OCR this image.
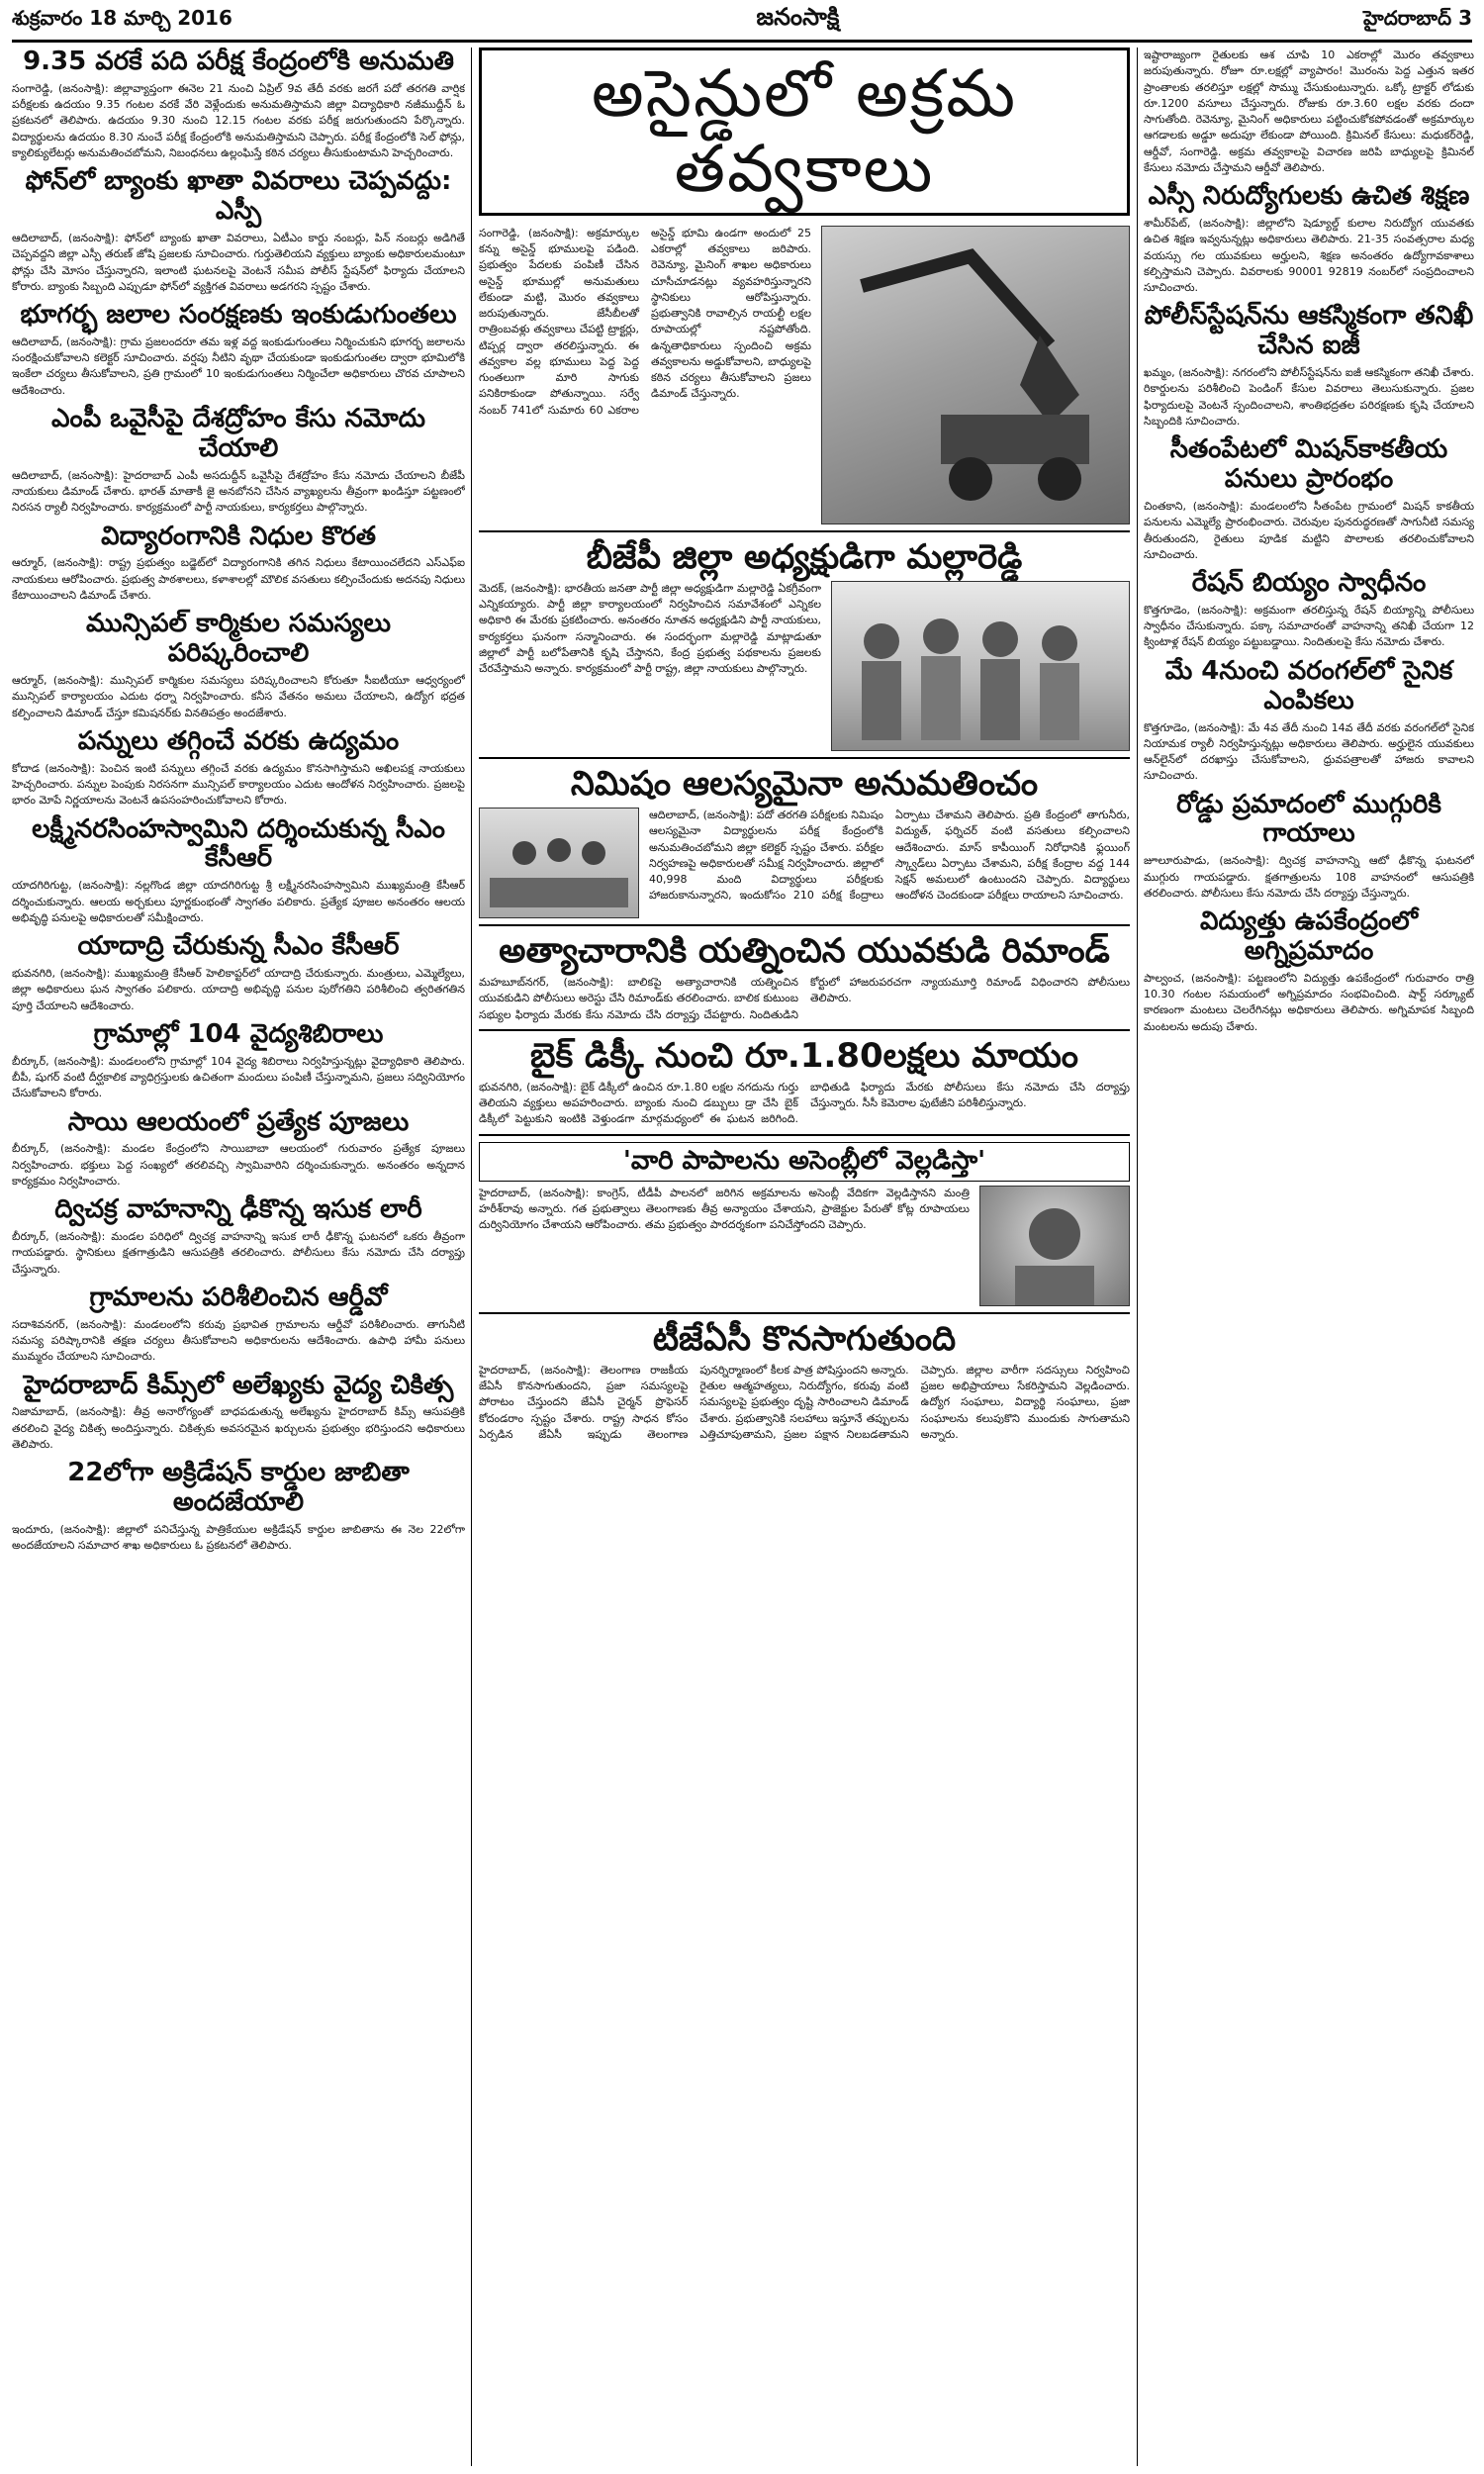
శుక్రవారం 18 మార్చి 2016	జనంసాక్షి	హైదరాబాద్ 3
9.35 వరకే పది పరీక్ష కేంద్రంలోకి అనుమతి

సంగారెడ్డి, (జనంసాక్షి): జిల్లావ్యాప్తంగా ఈనెల 21 నుంచి ఏప్రిల్ 9వ తేదీ వరకు జరగే పదో తరగతి వార్షిక పరీక్షలకు ఉదయం 9.35 గంటల వరకే వేరి వెళ్లేందుకు అనుమతిస్తామని జిల్లా విద్యాధికారి నజీముద్దీన్ ఓ ప్రకటనలో తెలిపారు. ఉదయం 9.30 నుంచి 12.15 గంటల వరకు పరీక్ష జరుగుతుందని పేర్కొన్నారు. విద్యార్థులను ఉదయం 8.30 నుంచే పరీక్ష కేంద్రంలోకి అనుమతిస్తామని చెప్పారు. పరీక్ష కేంద్రంలోకి సెల్ ఫోన్లు, క్యాలిక్యులేటర్లు అనుమతించబోమని, నిబంధనలు ఉల్లంఘిస్తే కఠిన చర్యలు తీసుకుంటామని హెచ్చరించారు.

ఫోన్‌లో బ్యాంకు ఖాతా వివరాలు చెప్పవద్దు: ఎస్పీ

ఆదిలాబాద్, (జనంసాక్షి): ఫోన్‌లో బ్యాంకు ఖాతా వివరాలు, ఏటీఎం కార్డు నంబర్లు, పిన్ నంబర్లు అడిగితే చెప్పవద్దని జిల్లా ఎస్పీ తరుణ్ జోషి ప్రజలకు సూచించారు. గుర్తుతెలియని వ్యక్తులు బ్యాంకు అధికారులమంటూ ఫోన్లు చేసి మోసం చేస్తున్నారని, ఇలాంటి ఘటనలపై వెంటనే సమీప పోలీస్ స్టేషన్‌లో ఫిర్యాదు చేయాలని కోరారు. బ్యాంకు సిబ్బంది ఎప్పుడూ ఫోన్‌లో వ్యక్తిగత వివరాలు అడగరని స్పష్టం చేశారు.

భూగర్భ జలాల సంరక్షణకు ఇంకుడుగుంతలు

ఆదిలాబాద్, (జనంసాక్షి): గ్రామ ప్రజలందరూ తమ ఇళ్ల వద్ద ఇంకుడుగుంతలు నిర్మించుకుని భూగర్భ జలాలను సంరక్షించుకోవాలని కలెక్టర్ సూచించారు. వర్షపు నీటిని వృథా చేయకుండా ఇంకుడుగుంతల ద్వారా భూమిలోకి ఇంకేలా చర్యలు తీసుకోవాలని, ప్రతి గ్రామంలో 10 ఇంకుడుగుంతలు నిర్మించేలా అధికారులు చొరవ చూపాలని ఆదేశించారు.

ఎంపీ ఒవైసీపై దేశద్రోహం కేసు నమోదు చేయాలి

ఆదిలాబాద్, (జనంసాక్షి): హైదరాబాద్ ఎంపీ అసదుద్దీన్ ఒవైసీపై దేశద్రోహం కేసు నమోదు చేయాలని బీజేపీ నాయకులు డిమాండ్ చేశారు. భారత్ మాతాకీ జై అనబోనని చేసిన వ్యాఖ్యలను తీవ్రంగా ఖండిస్తూ పట్టణంలో నిరసన ర్యాలీ నిర్వహించారు. కార్యక్రమంలో పార్టీ నాయకులు, కార్యకర్తలు పాల్గొన్నారు.

విద్యారంగానికి నిధుల కొరత

ఆర్మూర్, (జనంసాక్షి): రాష్ట్ర ప్రభుత్వం బడ్జెట్‌లో విద్యారంగానికి తగిన నిధులు కేటాయించలేదని ఎస్ఎఫ్ఐ నాయకులు ఆరోపించారు. ప్రభుత్వ పాఠశాలలు, కళాశాలల్లో మౌలిక వసతులు కల్పించేందుకు అదనపు నిధులు కేటాయించాలని డిమాండ్ చేశారు.

మున్సిపల్ కార్మికుల సమస్యలు పరిష్కరించాలి

ఆర్మూర్, (జనంసాక్షి): మున్సిపల్ కార్మికుల సమస్యలు పరిష్కరించాలని కోరుతూ సీఐటీయూ ఆధ్వర్యంలో మున్సిపల్ కార్యాలయం ఎదుట ధర్నా నిర్వహించారు. కనీస వేతనం అమలు చేయాలని, ఉద్యోగ భద్రత కల్పించాలని డిమాండ్ చేస్తూ కమిషనర్‌కు వినతిపత్రం అందజేశారు.

పన్నులు తగ్గించే వరకు ఉద్యమం

కోదాడ (జనంసాక్షి): పెంచిన ఇంటి పన్నులు తగ్గించే వరకు ఉద్యమం కొనసాగిస్తామని అఖిలపక్ష నాయకులు హెచ్చరించారు. పన్నుల పెంపుకు నిరసనగా మున్సిపల్ కార్యాలయం ఎదుట ఆందోళన నిర్వహించారు. ప్రజలపై భారం మోపే నిర్ణయాలను వెంటనే ఉపసంహరించుకోవాలని కోరారు.

లక్ష్మీనరసింహస్వామిని దర్శించుకున్న సీఎం కేసీఆర్

యాదగిరిగుట్ట, (జనంసాక్షి): నల్లగొండ జిల్లా యాదగిరిగుట్ట శ్రీ లక్ష్మీనరసింహస్వామిని ముఖ్యమంత్రి కేసీఆర్ దర్శించుకున్నారు. ఆలయ అర్చకులు పూర్ణకుంభంతో స్వాగతం పలికారు. ప్రత్యేక పూజల అనంతరం ఆలయ అభివృద్ధి పనులపై అధికారులతో సమీక్షించారు.

యాదాద్రి చేరుకున్న సీఎం కేసీఆర్

భువనగిరి, (జనంసాక్షి): ముఖ్యమంత్రి కేసీఆర్ హెలికాప్టర్‌లో యాదాద్రి చేరుకున్నారు. మంత్రులు, ఎమ్మెల్యేలు, జిల్లా అధికారులు ఘన స్వాగతం పలికారు. యాదాద్రి అభివృద్ధి పనుల పురోగతిని పరిశీలించి త్వరితగతిన పూర్తి చేయాలని ఆదేశించారు.

గ్రామాల్లో 104 వైద్యశిబిరాలు

బీర్కూర్, (జనంసాక్షి): మండలంలోని గ్రామాల్లో 104 వైద్య శిబిరాలు నిర్వహిస్తున్నట్లు వైద్యాధికారి తెలిపారు. బీపీ, షుగర్ వంటి దీర్ఘకాలిక వ్యాధిగ్రస్తులకు ఉచితంగా మందులు పంపిణీ చేస్తున్నామని, ప్రజలు సద్వినియోగం చేసుకోవాలని కోరారు.

సాయి ఆలయంలో ప్రత్యేక పూజలు

బీర్కూర్, (జనంసాక్షి): మండల కేంద్రంలోని సాయిబాబా ఆలయంలో గురువారం ప్రత్యేక పూజలు నిర్వహించారు. భక్తులు పెద్ద సంఖ్యలో తరలివచ్చి స్వామివారిని దర్శించుకున్నారు. అనంతరం అన్నదాన కార్యక్రమం నిర్వహించారు.

ద్విచక్ర వాహనాన్ని ఢీకొన్న ఇసుక లారీ

బీర్కూర్, (జనంసాక్షి): మండల పరిధిలో ద్విచక్ర వాహనాన్ని ఇసుక లారీ ఢీకొన్న ఘటనలో ఒకరు తీవ్రంగా గాయపడ్డారు. స్థానికులు క్షతగాత్రుడిని ఆసుపత్రికి తరలించారు. పోలీసులు కేసు నమోదు చేసి దర్యాప్తు చేస్తున్నారు.

గ్రామాలను పరిశీలించిన ఆర్డీవో

సదాశివనగర్, (జనంసాక్షి): మండలంలోని కరువు ప్రభావిత గ్రామాలను ఆర్డీవో పరిశీలించారు. తాగునీటి సమస్య పరిష్కారానికి తక్షణ చర్యలు తీసుకోవాలని అధికారులను ఆదేశించారు. ఉపాధి హామీ పనులు ముమ్మరం చేయాలని సూచించారు.

హైదరాబాద్ కిమ్స్‌లో అలేఖ్యకు వైద్య చికిత్స

నిజామాబాద్, (జనంసాక్షి): తీవ్ర అనారోగ్యంతో బాధపడుతున్న అలేఖ్యను హైదరాబాద్ కిమ్స్ ఆసుపత్రికి తరలించి వైద్య చికిత్స అందిస్తున్నారు. చికిత్సకు అవసరమైన ఖర్చులను ప్రభుత్వం భరిస్తుందని అధికారులు తెలిపారు.

22లోగా అక్రిడేషన్ కార్డుల జాబితా అందజేయాలి

ఇందూరు, (జనంసాక్షి): జిల్లాలో పనిచేస్తున్న పాత్రికేయుల అక్రిడేషన్ కార్డుల జాబితాను ఈ నెల 22లోగా అందజేయాలని సమాచార శాఖ అధికారులు ఓ ప్రకటనలో తెలిపారు.

అసైన్డులో అక్రమ తవ్వకాలు

సంగారెడ్డి, (జనంసాక్షి): అక్రమార్కుల కన్ను అసైన్డ్ భూములపై పడింది. ప్రభుత్వం పేదలకు పంపిణీ చేసిన అసైన్డ్ భూముల్లో అనుమతులు లేకుండా మట్టి, మొరం తవ్వకాలు జరుపుతున్నారు. జేసీబీలతో రాత్రింబవళ్లు తవ్వకాలు చేపట్టి ట్రాక్టర్లు, టిప్పర్ల ద్వారా తరలిస్తున్నారు. ఈ తవ్వకాల వల్ల భూములు పెద్ద పెద్ద గుంతలుగా మారి సాగుకు పనికిరాకుండా పోతున్నాయి. సర్వే నంబర్ 741లో సుమారు 60 ఎకరాల అసైన్డ్ భూమి ఉండగా అందులో 25 ఎకరాల్లో తవ్వకాలు జరిపారు. రెవెన్యూ, మైనింగ్ శాఖల అధికారులు చూసీచూడనట్లు వ్యవహరిస్తున్నారని స్థానికులు ఆరోపిస్తున్నారు. ప్రభుత్వానికి రావాల్సిన రాయల్టీ లక్షల రూపాయల్లో నష్టపోతోంది. ఉన్నతాధికారులు స్పందించి అక్రమ తవ్వకాలను అడ్డుకోవాలని, బాధ్యులపై కఠిన చర్యలు తీసుకోవాలని ప్రజలు డిమాండ్ చేస్తున్నారు.

బీజేపీ జిల్లా అధ్యక్షుడిగా మల్లారెడ్డి

మెదక్, (జనంసాక్షి): భారతీయ జనతా పార్టీ జిల్లా అధ్యక్షుడిగా మల్లారెడ్డి ఏకగ్రీవంగా ఎన్నికయ్యారు. పార్టీ జిల్లా కార్యాలయంలో నిర్వహించిన సమావేశంలో ఎన్నికల అధికారి ఈ మేరకు ప్రకటించారు. అనంతరం నూతన అధ్యక్షుడిని పార్టీ నాయకులు, కార్యకర్తలు ఘనంగా సన్మానించారు. ఈ సందర్భంగా మల్లారెడ్డి మాట్లాడుతూ జిల్లాలో పార్టీ బలోపేతానికి కృషి చేస్తానని, కేంద్ర ప్రభుత్వ పథకాలను ప్రజలకు చేరవేస్తామని అన్నారు. కార్యక్రమంలో పార్టీ రాష్ట్ర, జిల్లా నాయకులు పాల్గొన్నారు.

నిమిషం ఆలస్యమైనా అనుమతించం

ఆదిలాబాద్, (జనంసాక్షి): పదో తరగతి పరీక్షలకు నిమిషం ఆలస్యమైనా విద్యార్థులను పరీక్ష కేంద్రంలోకి అనుమతించబోమని జిల్లా కలెక్టర్ స్పష్టం చేశారు. పరీక్షల నిర్వహణపై అధికారులతో సమీక్ష నిర్వహించారు. జిల్లాలో 40,998 మంది విద్యార్థులు పరీక్షలకు హాజరుకానున్నారని, ఇందుకోసం 210 పరీక్ష కేంద్రాలు ఏర్పాటు చేశామని తెలిపారు. ప్రతి కేంద్రంలో తాగునీరు, విద్యుత్, ఫర్నిచర్ వంటి వసతులు కల్పించాలని ఆదేశించారు. మాస్ కాపీయింగ్ నిరోధానికి ఫ్లయింగ్ స్క్వాడ్‌లు ఏర్పాటు చేశామని, పరీక్ష కేంద్రాల వద్ద 144 సెక్షన్ అమలులో ఉంటుందని చెప్పారు. విద్యార్థులు ఆందోళన చెందకుండా పరీక్షలు రాయాలని సూచించారు.

అత్యాచారానికి యత్నించిన యువకుడి రిమాండ్

మహబూబ్‌నగర్, (జనంసాక్షి): బాలికపై అత్యాచారానికి యత్నించిన యువకుడిని పోలీసులు అరెస్టు చేసి రిమాండ్‌కు తరలించారు. బాలిక కుటుంబ సభ్యుల ఫిర్యాదు మేరకు కేసు నమోదు చేసి దర్యాప్తు చేపట్టారు. నిందితుడిని కోర్టులో హాజరుపరచగా న్యాయమూర్తి రిమాండ్ విధించారని పోలీసులు తెలిపారు.

బైక్ డిక్కీ నుంచి రూ.1.80లక్షలు మాయం

భువనగిరి, (జనంసాక్షి): బైక్ డిక్కీలో ఉంచిన రూ.1.80 లక్షల నగదును గుర్తు తెలియని వ్యక్తులు అపహరించారు. బ్యాంకు నుంచి డబ్బులు డ్రా చేసి బైక్ డిక్కీలో పెట్టుకుని ఇంటికి వెళ్తుండగా మార్గమధ్యంలో ఈ ఘటన జరిగింది. బాధితుడి ఫిర్యాదు మేరకు పోలీసులు కేసు నమోదు చేసి దర్యాప్తు చేస్తున్నారు. సీసీ కెమెరాల ఫుటేజీని పరిశీలిస్తున్నారు.

'వారి పాపాలను అసెంబ్లీలో వెల్లడిస్తా'

హైదరాబాద్, (జనంసాక్షి): కాంగ్రెస్, టీడీపీ పాలనలో జరిగిన అక్రమాలను అసెంబ్లీ వేదికగా వెల్లడిస్తానని మంత్రి హరీశ్‌రావు అన్నారు. గత ప్రభుత్వాలు తెలంగాణకు తీవ్ర అన్యాయం చేశాయని, ప్రాజెక్టుల పేరుతో కోట్ల రూపాయలు దుర్వినియోగం చేశాయని ఆరోపించారు. తమ ప్రభుత్వం పారదర్శకంగా పనిచేస్తోందని చెప్పారు.

టీజేఏసీ కొనసాగుతుంది

హైదరాబాద్, (జనంసాక్షి): తెలంగాణ రాజకీయ జేఏసీ కొనసాగుతుందని, ప్రజా సమస్యలపై పోరాటం చేస్తుందని జేఏసీ చైర్మన్ ప్రొఫెసర్ కోదండరాం స్పష్టం చేశారు. రాష్ట్ర సాధన కోసం ఏర్పడిన జేఏసీ ఇప్పుడు తెలంగాణ పునర్నిర్మాణంలో కీలక పాత్ర పోషిస్తుందని అన్నారు. రైతుల ఆత్మహత్యలు, నిరుద్యోగం, కరువు వంటి సమస్యలపై ప్రభుత్వం దృష్టి సారించాలని డిమాండ్ చేశారు. ప్రభుత్వానికి సలహాలు ఇస్తూనే తప్పులను ఎత్తిచూపుతామని, ప్రజల పక్షాన నిలబడతామని చెప్పారు. జిల్లాల వారీగా సదస్సులు నిర్వహించి ప్రజల అభిప్రాయాలు సేకరిస్తామని వెల్లడించారు. ఉద్యోగ సంఘాలు, విద్యార్థి సంఘాలు, ప్రజా సంఘాలను కలుపుకొని ముందుకు సాగుతామని అన్నారు.

ఇష్టారాజ్యంగా రైతులకు ఆశ చూపి 10 ఎకరాల్లో మొరం తవ్వకాలు జరుపుతున్నారు. రోజూ రూ.లక్షల్లో వ్యాపారం! మొరంను పెద్ద ఎత్తున ఇతర ప్రాంతాలకు తరలిస్తూ లక్షల్లో సొమ్ము చేసుకుంటున్నారు. ఒక్కో ట్రాక్టర్ లోడుకు రూ.1200 వసూలు చేస్తున్నారు. రోజుకు రూ.3.60 లక్షల వరకు దందా సాగుతోంది. రెవెన్యూ, మైనింగ్ అధికారులు పట్టించుకోకపోవడంతో అక్రమార్కుల ఆగడాలకు అడ్డూ అదుపూ లేకుండా పోయింది. క్రిమినల్ కేసులు: మధుకర్‌రెడ్డి, ఆర్డీవో, సంగారెడ్డి. అక్రమ తవ్వకాలపై విచారణ జరిపి బాధ్యులపై క్రిమినల్ కేసులు నమోదు చేస్తామని ఆర్డీవో తెలిపారు.

ఎస్సీ నిరుద్యోగులకు ఉచిత శిక్షణ

శామీర్‌పేట్, (జనంసాక్షి): జిల్లాలోని షెడ్యూల్డ్ కులాల నిరుద్యోగ యువతకు ఉచిత శిక్షణ ఇవ్వనున్నట్లు అధికారులు తెలిపారు. 21-35 సంవత్సరాల మధ్య వయస్సు గల యువకులు అర్హులని, శిక్షణ అనంతరం ఉద్యోగావకాశాలు కల్పిస్తామని చెప్పారు. వివరాలకు 90001 92819 నంబర్‌లో సంప్రదించాలని సూచించారు.

పోలీస్‌స్టేషన్‌ను ఆకస్మికంగా తనిఖీ చేసిన ఐజీ

ఖమ్మం, (జనంసాక్షి): నగరంలోని పోలీస్‌స్టేషన్‌ను ఐజీ ఆకస్మికంగా తనిఖీ చేశారు. రికార్డులను పరిశీలించి పెండింగ్ కేసుల వివరాలు తెలుసుకున్నారు. ప్రజల ఫిర్యాదులపై వెంటనే స్పందించాలని, శాంతిభద్రతల పరిరక్షణకు కృషి చేయాలని సిబ్బందికి సూచించారు.

సీతంపేటలో మిషన్‌కాకతీయ పనులు ప్రారంభం

చింతకాని, (జనంసాక్షి): మండలంలోని సీతంపేట గ్రామంలో మిషన్ కాకతీయ పనులను ఎమ్మెల్యే ప్రారంభించారు. చెరువుల పునరుద్ధరణతో సాగునీటి సమస్య తీరుతుందని, రైతులు పూడిక మట్టిని పొలాలకు తరలించుకోవాలని సూచించారు.

రేషన్ బియ్యం స్వాధీనం

కొత్తగూడెం, (జనంసాక్షి): అక్రమంగా తరలిస్తున్న రేషన్ బియ్యాన్ని పోలీసులు స్వాధీనం చేసుకున్నారు. పక్కా సమాచారంతో వాహనాన్ని తనిఖీ చేయగా 12 క్వింటాళ్ల రేషన్ బియ్యం పట్టుబడ్డాయి. నిందితులపై కేసు నమోదు చేశారు.

మే 4నుంచి వరంగల్‌లో సైనిక ఎంపికలు

కొత్తగూడెం, (జనంసాక్షి): మే 4వ తేదీ నుంచి 14వ తేదీ వరకు వరంగల్‌లో సైనిక నియామక ర్యాలీ నిర్వహిస్తున్నట్లు అధికారులు తెలిపారు. అర్హులైన యువకులు ఆన్‌లైన్‌లో దరఖాస్తు చేసుకోవాలని, ధ్రువపత్రాలతో హాజరు కావాలని సూచించారు.

రోడ్డు ప్రమాదంలో ముగ్గురికి గాయాలు

జూలూరుపాడు, (జనంసాక్షి): ద్విచక్ర వాహనాన్ని ఆటో ఢీకొన్న ఘటనలో ముగ్గురు గాయపడ్డారు. క్షతగాత్రులను 108 వాహనంలో ఆసుపత్రికి తరలించారు. పోలీసులు కేసు నమోదు చేసి దర్యాప్తు చేస్తున్నారు.

విద్యుత్తు ఉపకేంద్రంలో అగ్నిప్రమాదం

పాల్వంచ, (జనంసాక్షి): పట్టణంలోని విద్యుత్తు ఉపకేంద్రంలో గురువారం రాత్రి 10.30 గంటల సమయంలో అగ్నిప్రమాదం సంభవించింది. షార్ట్ సర్క్యూట్ కారణంగా మంటలు చెలరేగినట్లు అధికారులు తెలిపారు. అగ్నిమాపక సిబ్బంది మంటలను అదుపు చేశారు.
